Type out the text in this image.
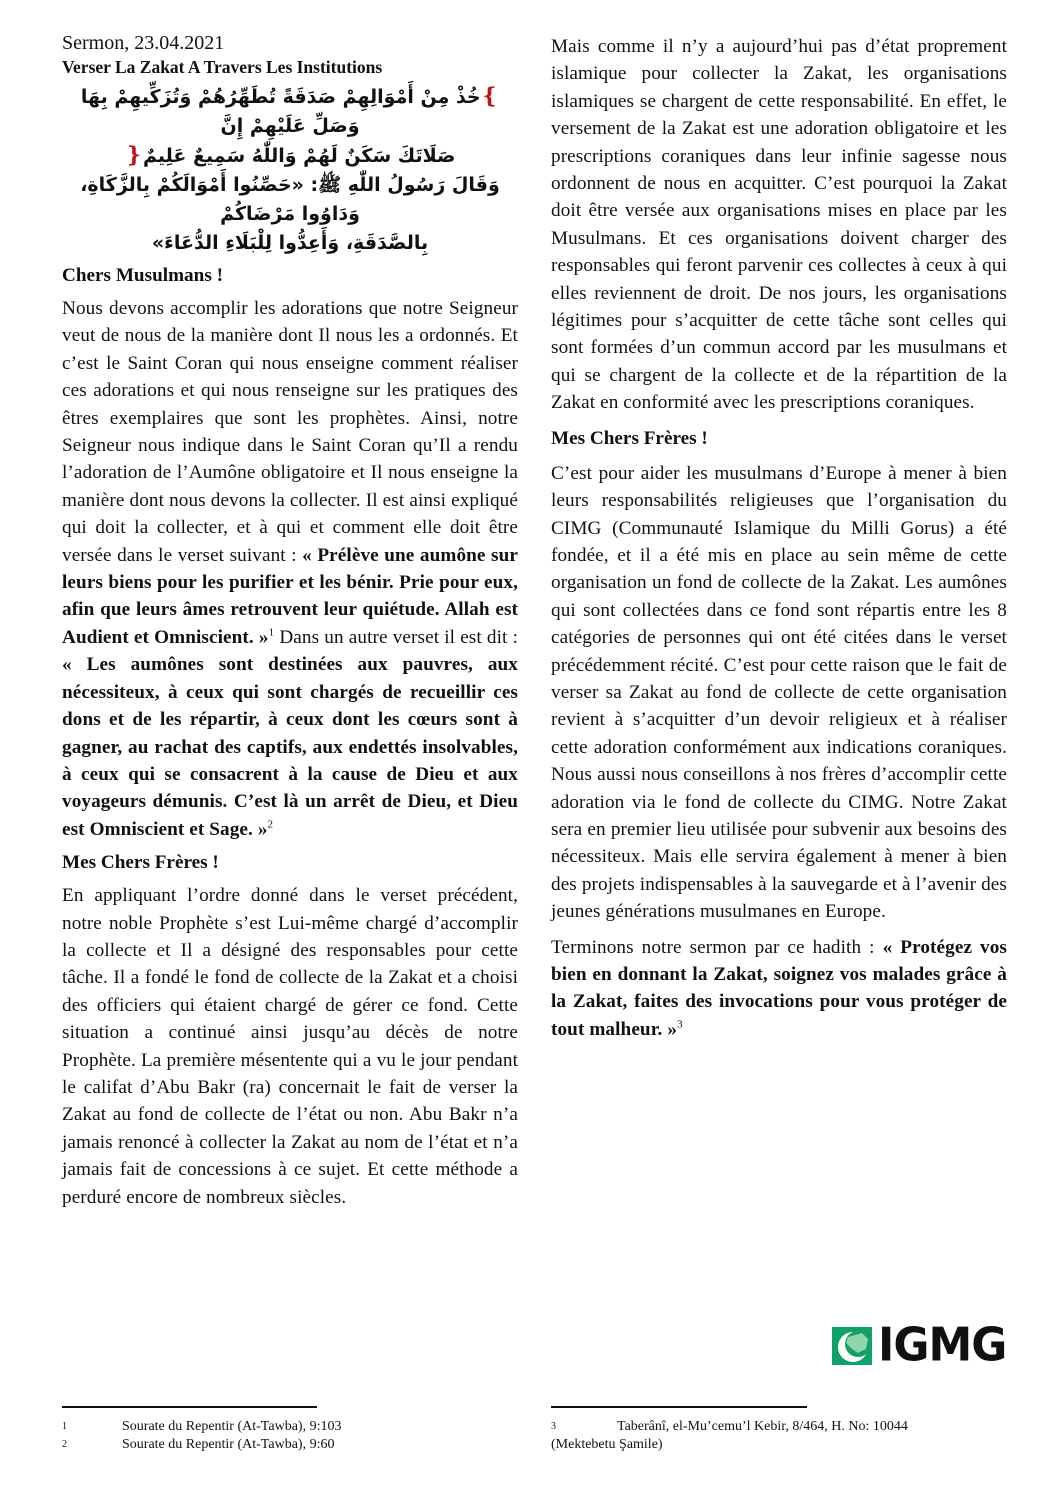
Sermon, 23.04.2021
Verser La Zakat A Travers Les Institutions
❵خُذْ مِنْ أَمْوَالِهِمْ صَدَقَةً تُطَهِّرُهُمْ وَتُزَكِّيهِمْ بِهَا وَصَلِّ عَلَيْهِمْ إِنَّ
صَلَاتَكَ سَكَنٌ لَهُمْ وَاللّٰهُ سَمِيعٌ عَلِيمٌ❴
وَقَالَ رَسُولُ اللّٰهِ ﷺ: «حَصِّنُوا أَمْوَالَكُمْ بِالزَّكَاةِ، وَدَاوُوا مَرْضَاكُمْ
بِالصَّدَقَةِ، وَأَعِدُّوا لِلْبَلَاءِ الدُّعَاءَ»
Chers Musulmans !

Nous devons accomplir les adorations que notre Seigneur veut de nous de la manière dont Il nous les a ordonnés. Et c’est le Saint Coran qui nous enseigne comment réaliser ces adorations et qui nous renseigne sur les pratiques des êtres exemplaires que sont les prophètes. Ainsi, notre Seigneur nous indique dans le Saint Coran qu’Il a rendu l’adoration de l’Aumône obligatoire et Il nous enseigne la manière dont nous devons la collecter. Il est ainsi expliqué qui doit la collecter, et à qui et comment elle doit être versée dans le verset suivant : « Prélève une aumône sur leurs biens pour les purifier et les bénir. Prie pour eux, afin que leurs âmes retrouvent leur quiétude. Allah est Audient et Omniscient. »$^1$ Dans un autre verset il est dit : « Les aumônes sont destinées aux pauvres, aux nécessiteux, à ceux qui sont chargés de recueillir ces dons et de les répartir, à ceux dont les cœurs sont à gagner, au rachat des captifs, aux endettés insolvables, à ceux qui se consacrent à la cause de Dieu et aux voyageurs démunis. C’est là un arrêt de Dieu, et Dieu est Omniscient et Sage. »$^2$

Mes Chers Frères !

En appliquant l’ordre donné dans le verset précédent, notre noble Prophète s’est Lui-même chargé d’accomplir la collecte et Il a désigné des responsables pour cette tâche. Il a fondé le fond de collecte de la Zakat et a choisi des officiers qui étaient chargé de gérer ce fond. Cette situation a continué ainsi jusqu’au décès de notre Prophète. La première mésentente qui a vu le jour pendant le califat d’Abu Bakr (ra) concernait le fait de verser la Zakat au fond de collecte de l’état ou non. Abu Bakr n’a jamais renoncé à collecter la Zakat au nom de l’état et n’a jamais fait de concessions à ce sujet. Et cette méthode a perduré encore de nombreux siècles.

Mais comme il n’y a aujourd’hui pas d’état proprement islamique pour collecter la Zakat, les organisations islamiques se chargent de cette responsabilité. En effet, le versement de la Zakat est une adoration obligatoire et les prescriptions coraniques dans leur infinie sagesse nous ordonnent de nous en acquitter. C’est pourquoi la Zakat doit être versée aux organisations mises en place par les Musulmans. Et ces organisations doivent charger des responsables qui feront parvenir ces collectes à ceux à qui elles reviennent de droit. De nos jours, les organisations légitimes pour s’acquitter de cette tâche sont celles qui sont formées d’un commun accord par les musulmans et qui se chargent de la collecte et de la répartition de la Zakat en conformité avec les prescriptions coraniques.

Mes Chers Frères !

C’est pour aider les musulmans d’Europe à mener à bien leurs responsabilités religieuses que l’organisation du CIMG (Communauté Islamique du Milli Gorus) a été fondée, et il a été mis en place au sein même de cette organisation un fond de collecte de la Zakat. Les aumônes qui sont collectées dans ce fond sont répartis entre les 8 catégories de personnes qui ont été citées dans le verset précédemment récité. C’est pour cette raison que le fait de verser sa Zakat au fond de collecte de cette organisation revient à s’acquitter d’un devoir religieux et à réaliser cette adoration conformément aux indications coraniques. Nous aussi nous conseillons à nos frères d’accomplir cette adoration via le fond de collecte du CIMG. Notre Zakat sera en premier lieu utilisée pour subvenir aux besoins des nécessiteux. Mais elle servira également à mener à bien des projets indispensables à la sauvegarde et à l’avenir des jeunes générations musulmanes en Europe.

Terminons notre sermon par ce hadith : « Protégez vos bien en donnant la Zakat, soignez vos malades grâce à la Zakat, faites des invocations pour vous protéger de tout malheur. »$^3$

IGMG
1	Sourate du Repentir (At-Tawba), 9:103
2	Sourate du Repentir (At-Tawba), 9:60
3	Taberânî, el-Mu’cemu’l Kebir, 8/464, H. No: 10044
(Mektebetu Şamile)
